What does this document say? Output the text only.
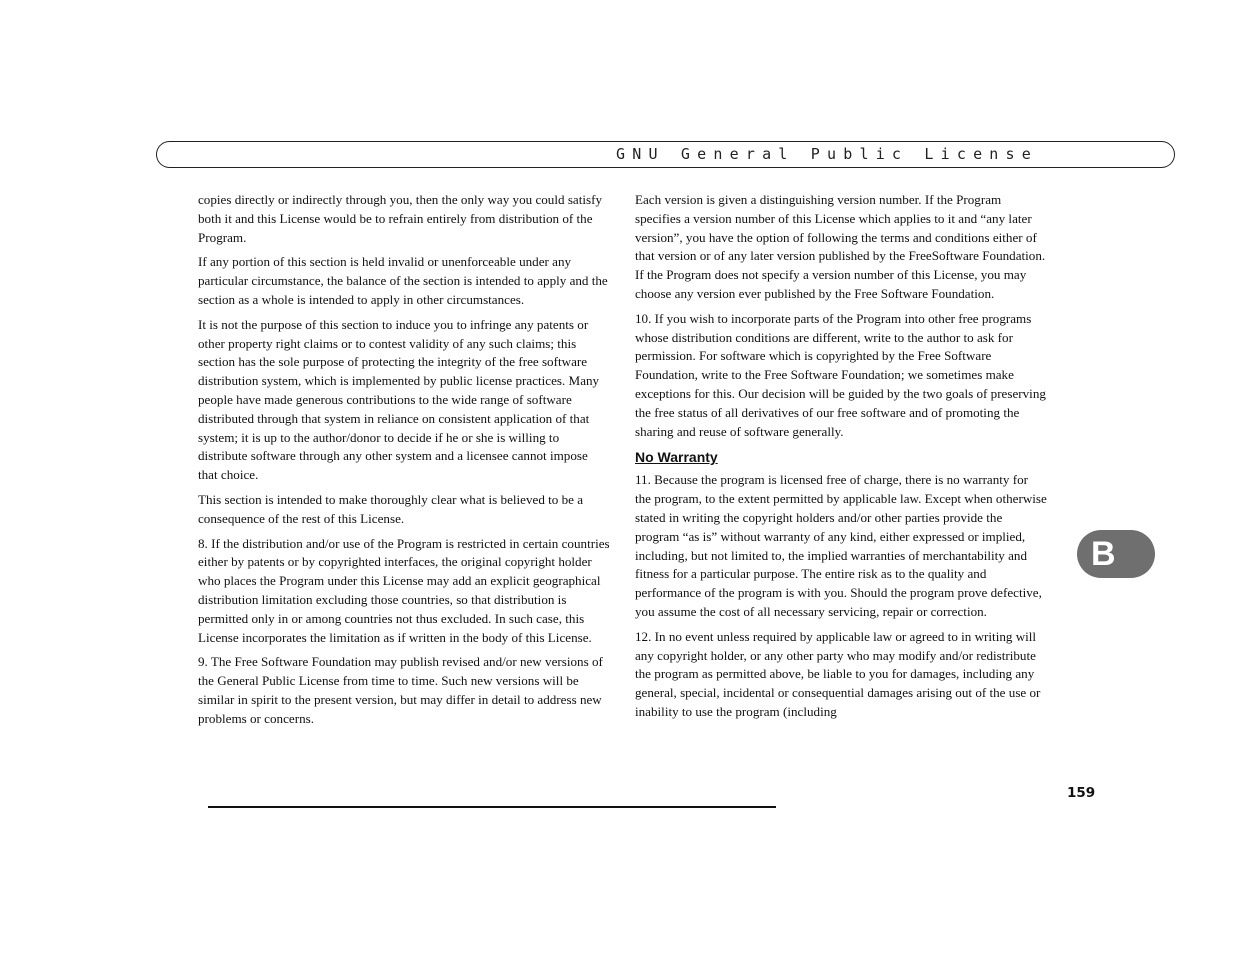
GNU General Public License

copies directly or indirectly through you, then the only way you could satisfy both it and this License would be to refrain entirely from distribution of the Program.

If any portion of this section is held invalid or unenforceable under any particular circumstance, the balance of the section is intended to apply and the section as a whole is intended to apply in other circumstances.

It is not the purpose of this section to induce you to infringe any patents or other property right claims or to contest validity of any such claims; this section has the sole purpose of protecting the integrity of the free software distribution system, which is implemented by public license practices. Many people have made generous contributions to the wide range of software distributed through that system in reliance on consistent application of that system; it is up to the author/donor to decide if he or she is willing to distribute software through any other system and a licensee cannot impose that choice.

This section is intended to make thoroughly clear what is believed to be a consequence of the rest of this License.

8. If the distribution and/or use of the Program is restricted in certain countries either by patents or by copyrighted interfaces, the original copyright holder who places the Program under this License may add an explicit geographical distribution limitation excluding those countries, so that distribution is permitted only in or among countries not thus excluded. In such case, this License incorporates the limitation as if written in the body of this License.

9. The Free Software Foundation may publish revised and/or new versions of the General Public License from time to time. Such new versions will be similar in spirit to the present version, but may differ in detail to address new problems or concerns.

Each version is given a distinguishing version number. If the Program specifies a version number of this License which applies to it and “any later version”, you have the option of following the terms and conditions either of that version or of any later version published by the FreeSoftware Foundation. If the Program does not specify a version number of this License, you may choose any version ever published by the Free Software Foundation.

10. If you wish to incorporate parts of the Program into other free programs whose distribution conditions are different, write to the author to ask for permission. For software which is copyrighted by the Free Software Foundation, write to the Free Software Foundation; we sometimes make exceptions for this. Our decision will be guided by the two goals of preserving the free status of all derivatives of our free software and of promoting the sharing and reuse of software generally.

No Warranty

11. Because the program is licensed free of charge, there is no warranty for the program, to the extent permitted by applicable law. Except when otherwise stated in writing the copyright holders and/or other parties provide the program “as is” without warranty of any kind, either expressed or implied, including, but not limited to, the implied warranties of merchantability and fitness for a particular purpose. The entire risk as to the quality and performance of the program is with you. Should the program prove defective, you assume the cost of all necessary servicing, repair or correction.

12. In no event unless required by applicable law or agreed to in writing will any copyright holder, or any other party who may modify and/or redistribute the program as permitted above, be liable to you for damages, including any general, special, incidental or consequential damages arising out of the use or inability to use the program (including

B
159
